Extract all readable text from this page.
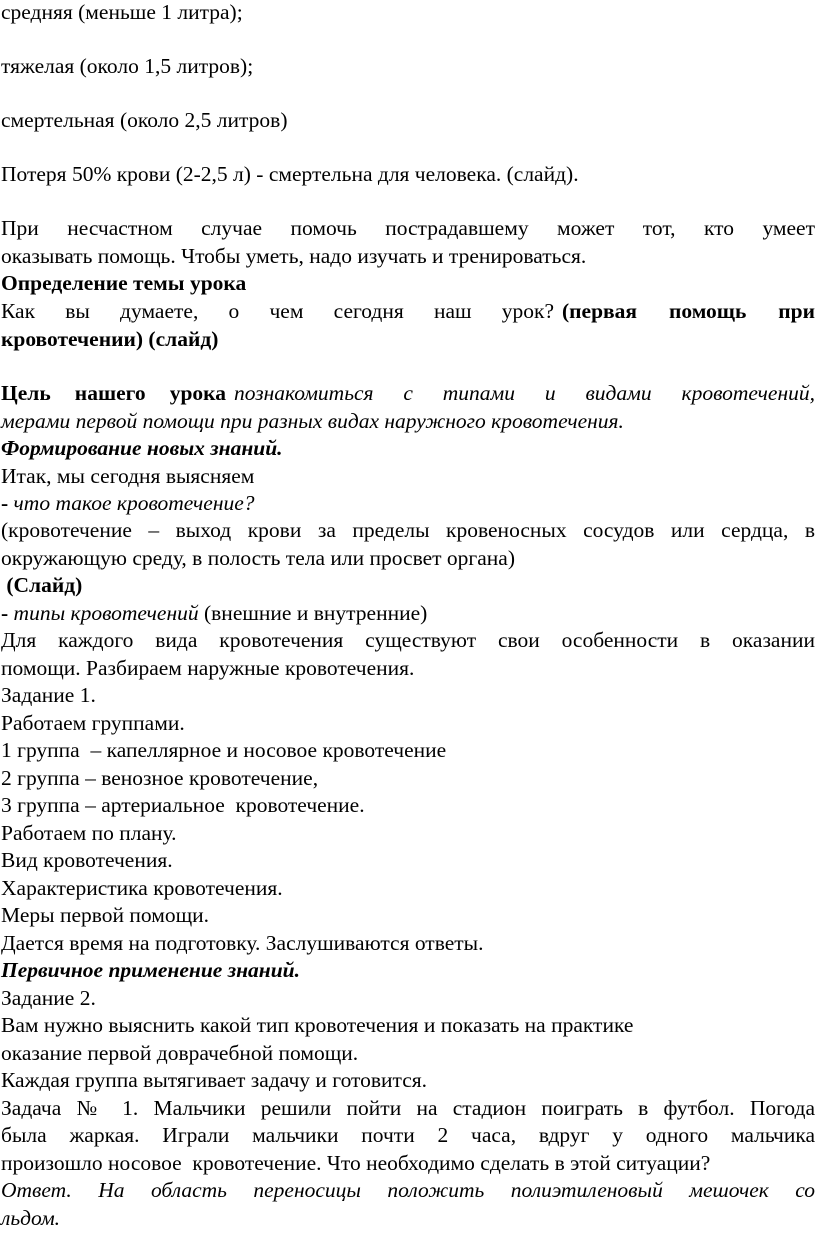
средняя (меньше 1 литра);
тяжелая (около 1,5 литров);
смертельная (около 2,5 литров)
Потеря 50% крови (2-2,5 л) - смертельна для человека. (слайд).
При несчастном случае помочь пострадавшему может тот, кто умеет
оказывать помощь. Чтобы уметь, надо изучать и тренироваться.
Определение темы урока
Как вы думаете, о чем сегодня наш урок? (первая помощь при
кровотечении) (слайд)
Цель нашего урока познакомиться с типами и видами кровотечений,
мерами первой помощи при разных видах наружного кровотечения.
Формирование новых знаний.
Итак, мы сегодня выясняем
- что такое кровотечение?
(кровотечение – выход крови за пределы кровеносных сосудов или сердца, в
окружающую среду, в полость тела или просвет органа)
(Слайд)
- типы кровотечений (внешние и внутренние)
Для каждого вида кровотечения существуют свои особенности в оказании
помощи. Разбираем наружные кровотечения.
Задание 1.
Работаем группами.
1 группа  – капеллярное и носовое кровотечение
2 группа – венозное кровотечение,
3 группа – артериальное  кровотечение.
Работаем по плану.
Вид кровотечения.
Характеристика кровотечения.
Меры первой помощи.
Дается время на подготовку. Заслушиваются ответы.
Первичное применение знаний.
Задание 2.
Вам нужно выяснить какой тип кровотечения и показать на практике
оказание первой доврачебной помощи.
Каждая группа вытягивает задачу и готовится.
Задача № 1. Мальчики решили пойти на стадион поиграть в футбол. Погода
была жаркая. Играли мальчики почти 2 часа, вдруг у одного мальчика
произошло носовое  кровотечение. Что необходимо сделать в этой ситуации?
Ответ. На область переносицы положить полиэтиленовый мешочек со
льдом.
